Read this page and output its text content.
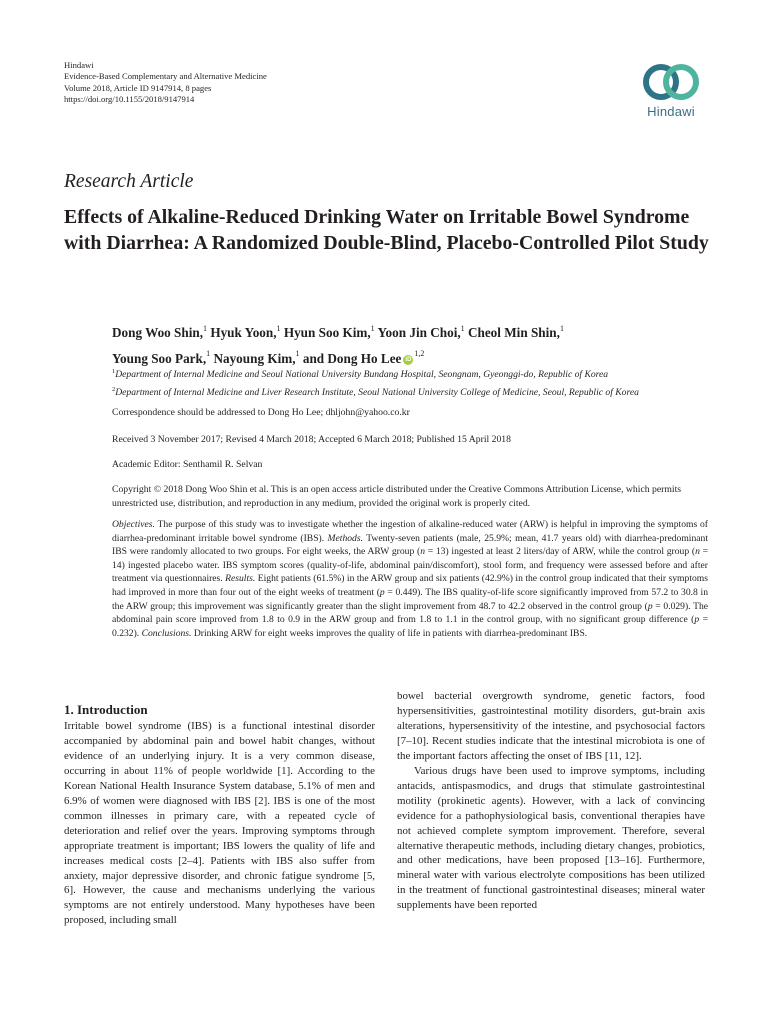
Hindawi
Evidence-Based Complementary and Alternative Medicine
Volume 2018, Article ID 9147914, 8 pages
https://doi.org/10.1155/2018/9147914
Hindawi
Research Article
Effects of Alkaline-Reduced Drinking Water on Irritable Bowel Syndrome with Diarrhea: A Randomized Double-Blind, Placebo-Controlled Pilot Study
Dong Woo Shin,$^1$ Hyuk Yoon,$^1$ Hyun Soo Kim,$^1$ Yoon Jin Choi,$^1$ Cheol Min Shin,$^1$
Young Soo Park,$^1$ Nayoung Kim,$^1$ and Dong Ho Lee iD$^{1,2}$
$^1$Department of Internal Medicine and Seoul National University Bundang Hospital, Seongnam, Gyeonggi-do, Republic of Korea
$^2$Department of Internal Medicine and Liver Research Institute, Seoul National University College of Medicine, Seoul, Republic of Korea
Correspondence should be addressed to Dong Ho Lee; dhljohn@yahoo.co.kr
Received 3 November 2017; Revised 4 March 2018; Accepted 6 March 2018; Published 15 April 2018
Academic Editor: Senthamil R. Selvan
Copyright © 2018 Dong Woo Shin et al. This is an open access article distributed under the Creative Commons Attribution License, which permits unrestricted use, distribution, and reproduction in any medium, provided the original work is properly cited.
Objectives. The purpose of this study was to investigate whether the ingestion of alkaline-reduced water (ARW) is helpful in improving the symptoms of diarrhea-predominant irritable bowel syndrome (IBS). Methods. Twenty-seven patients (male, 25.9%; mean, 41.7 years old) with diarrhea-predominant IBS were randomly allocated to two groups. For eight weeks, the ARW group (n = 13) ingested at least 2 liters/day of ARW, while the control group (n = 14) ingested placebo water. IBS symptom scores (quality-of-life, abdominal pain/discomfort), stool form, and frequency were assessed before and after treatment via questionnaires. Results. Eight patients (61.5%) in the ARW group and six patients (42.9%) in the control group indicated that their symptoms had improved in more than four out of the eight weeks of treatment (p = 0.449). The IBS quality-of-life score significantly improved from 57.2 to 30.8 in the ARW group; this improvement was significantly greater than the slight improvement from 48.7 to 42.2 observed in the control group (p = 0.029). The abdominal pain score improved from 1.8 to 0.9 in the ARW group and from 1.8 to 1.1 in the control group, with no significant group difference (p = 0.232). Conclusions. Drinking ARW for eight weeks improves the quality of life in patients with diarrhea-predominant IBS.
1. Introduction

Irritable bowel syndrome (IBS) is a functional intestinal disorder accompanied by abdominal pain and bowel habit changes, without evidence of an underlying injury. It is a very common disease, occurring in about 11% of people worldwide [1]. According to the Korean National Health Insurance System database, 5.1% of men and 6.9% of women were diagnosed with IBS [2]. IBS is one of the most common illnesses in primary care, with a repeated cycle of deterioration and relief over the years. Improving symptoms through appropriate treatment is important; IBS lowers the quality of life and increases medical costs [2–4]. Patients with IBS also suffer from anxiety, major depressive disorder, and chronic fatigue syndrome [5, 6]. However, the cause and mechanisms underlying the various symptoms are not entirely understood. Many hypotheses have been proposed, including small

bowel bacterial overgrowth syndrome, genetic factors, food hypersensitivities, gastrointestinal motility disorders, gut-brain axis alterations, hypersensitivity of the intestine, and psychosocial factors [7–10]. Recent studies indicate that the intestinal microbiota is one of the important factors affecting the onset of IBS [11, 12].

Various drugs have been used to improve symptoms, including antacids, antispasmodics, and drugs that stimulate gastrointestinal motility (prokinetic agents). However, with a lack of convincing evidence for a pathophysiological basis, conventional therapies have not achieved complete symptom improvement. Therefore, several alternative therapeutic methods, including dietary changes, probiotics, and other medications, have been proposed [13–16]. Furthermore, mineral water with various electrolyte compositions has been utilized in the treatment of functional gastrointestinal diseases; mineral water supplements have been reported
